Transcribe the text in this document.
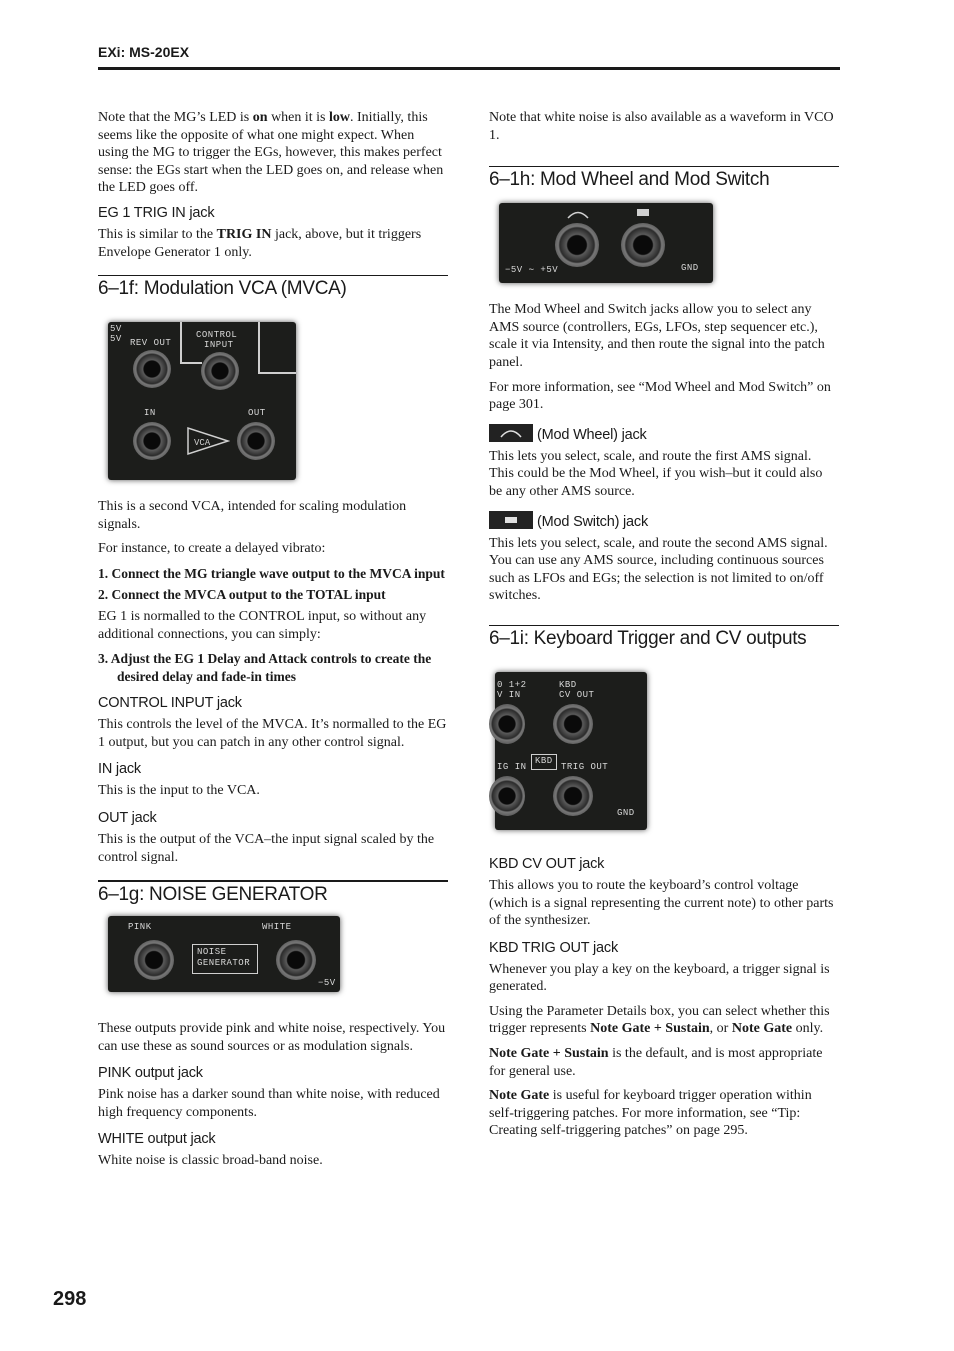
EXi: MS-20EX

Note that the MG’s LED is on when it is low. Initially, this seems like the opposite of what one might expect. When using the MG to trigger the EGs, however, this makes perfect sense: the EGs start when the LED goes on, and release when the LED goes off.

EG 1 TRIG IN jack

This is similar to the TRIG IN jack, above, but it triggers Envelope Generator 1 only.

6–1f: Modulation VCA (MVCA)
5V
5V REV OUT
CONTROL
INPUT
IN	OUT
VCA

This is a second VCA, intended for scaling modulation signals.

For instance, to create a delayed vibrato:

1. Connect the MG triangle wave output to the MVCA input
2. Connect the MVCA output to the TOTAL input

EG 1 is normalled to the CONTROL input, so without any additional connections, you can simply:

3. Adjust the EG 1 Delay and Attack controls to create the desired delay and fade-in times
CONTROL INPUT jack

This controls the level of the MVCA. It’s normalled to the EG 1 output, but you can patch in any other control signal.

IN jack

This is the input to the VCA.

OUT jack

This is the output of the VCA–the input signal scaled by the control signal.

6–1g: NOISE GENERATOR
PINK	WHITE
NOISE
GENERATOR
−5V

These outputs provide pink and white noise, respectively. You can use these as sound sources or as modulation signals.

PINK output jack

Pink noise has a darker sound than white noise, with reduced high frequency components.

WHITE output jack

White noise is classic broad-band noise.

Note that white noise is also available as a waveform in VCO 1.

6–1h: Mod Wheel and Mod Switch
−5V ∼ +5V	GND

The Mod Wheel and Switch jacks allow you to select any AMS source (controllers, EGs, LFOs, step sequencer etc.), scale it via Intensity, and then route the signal into the patch panel.

For more information, see “Mod Wheel and Mod Switch” on page 301.

(Mod Wheel) jack

This lets you select, scale, and route the first AMS signal. This could be the Mod Wheel, if you wish–but it could also be any other AMS source.

(Mod Switch) jack

This lets you select, scale, and route the second AMS signal. You can use any AMS source, including continuous sources such as LFOs and EGs; the selection is not limited to on/off switches.

6–1i: Keyboard Trigger and CV outputs
0 1+2
V IN
KBD
CV OUT
KBD
IG IN	TRIG OUT
GND
KBD CV OUT jack

This allows you to route the keyboard’s control voltage (which is a signal representing the current note) to other parts of the synthesizer.

KBD TRIG OUT jack

Whenever you play a key on the keyboard, a trigger signal is generated.

Using the Parameter Details box, you can select whether this trigger represents Note Gate + Sustain, or Note Gate only.

Note Gate + Sustain is the default, and is most appropriate for general use.

Note Gate is useful for keyboard trigger operation within self-triggering patches. For more information, see “Tip: Creating self-triggering patches” on page 295.

298
